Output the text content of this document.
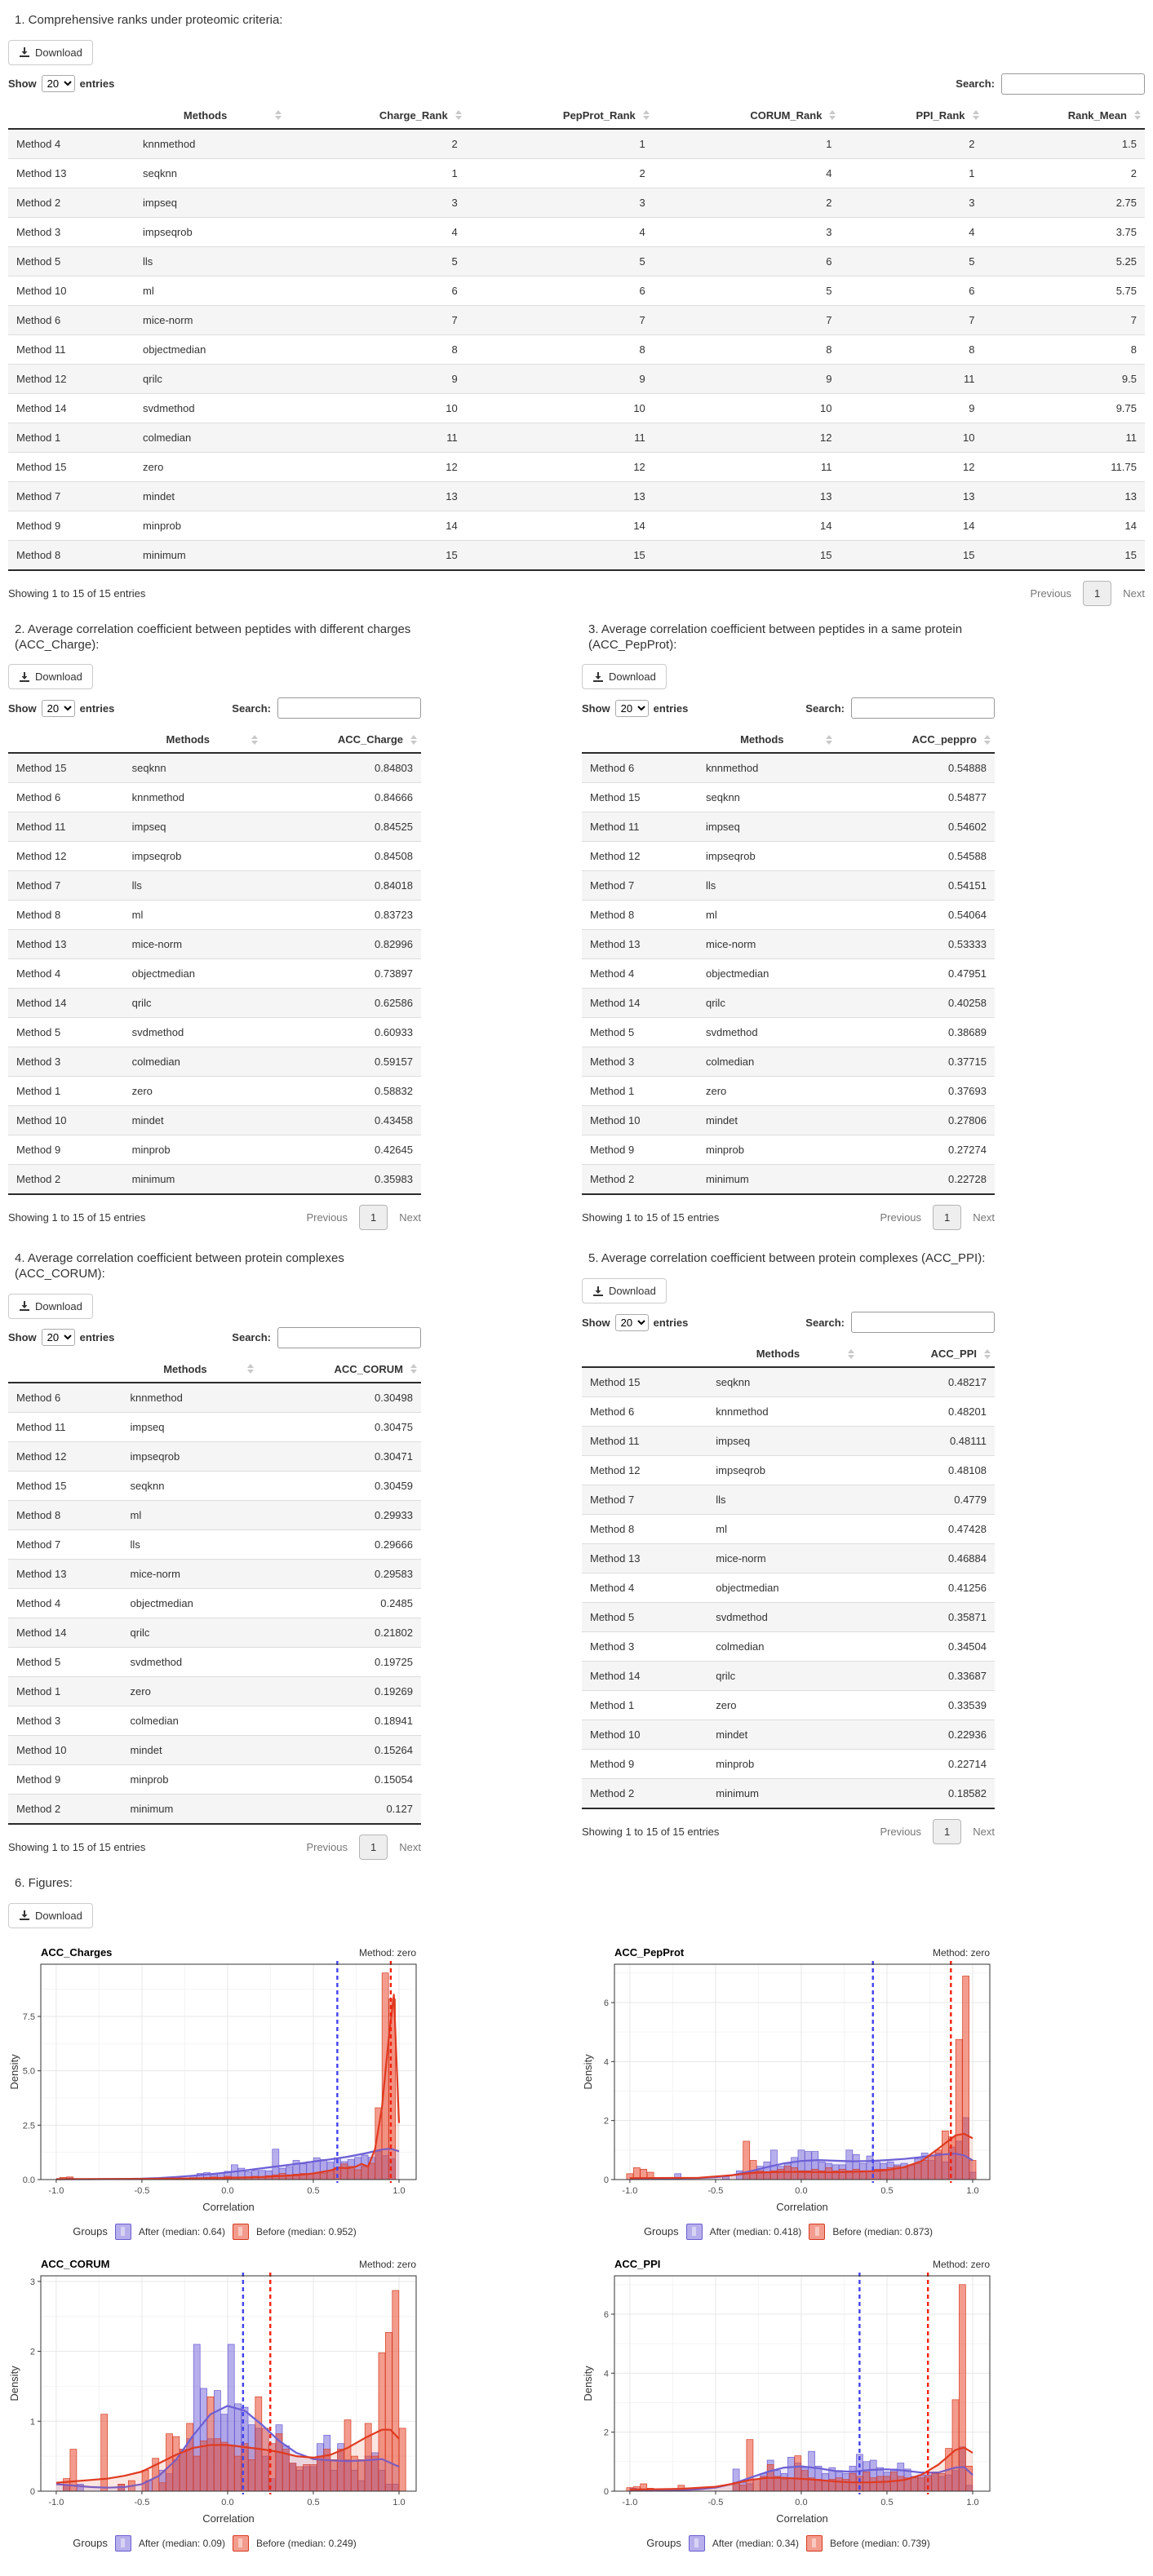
1. Comprehensive ranks under proteomic criteria:
Download
Show
20	entries	Search:
	Methods	Charge_Rank	PepProt_Rank	CORUM_Rank	PPI_Rank	Rank_Mean

Method 4	knnmethod	2	1	1	2	1.5
Method 13	seqknn	1	2	4	1	2
Method 2	impseq	3	3	2	3	2.75
Method 3	impseqrob	4	4	3	4	3.75
Method 5	lls	5	5	6	5	5.25
Method 10	ml	6	6	5	6	5.75
Method 6	mice-norm	7	7	7	7	7
Method 11	objectmedian	8	8	8	8	8
Method 12	qrilc	9	9	9	11	9.5
Method 14	svdmethod	10	10	10	9	9.75
Method 1	colmedian	11	11	12	10	11
Method 15	zero	12	12	11	12	11.75
Method 7	mindet	13	13	13	13	13
Method 9	minprob	14	14	14	14	14
Method 8	minimum	15	15	15	15	15
Showing 1 to 15 of 15 entries	Previous	1	Next
2. Average correlation coefficient between peptides with different charges (ACC_Charge):
Download
Show
20	entries	Search:
	Methods	ACC_Charge

Method 15	seqknn	0.84803
Method 6	knnmethod	0.84666
Method 11	impseq	0.84525
Method 12	impseqrob	0.84508
Method 7	lls	0.84018
Method 8	ml	0.83723
Method 13	mice-norm	0.82996
Method 4	objectmedian	0.73897
Method 14	qrilc	0.62586
Method 5	svdmethod	0.60933
Method 3	colmedian	0.59157
Method 1	zero	0.58832
Method 10	mindet	0.43458
Method 9	minprob	0.42645
Method 2	minimum	0.35983
Showing 1 to 15 of 15 entries	Previous	1	Next
3. Average correlation coefficient between peptides in a same protein (ACC_PepProt):
Download
Show
20	entries	Search:
	Methods	ACC_peppro

Method 6	knnmethod	0.54888
Method 15	seqknn	0.54877
Method 11	impseq	0.54602
Method 12	impseqrob	0.54588
Method 7	lls	0.54151
Method 8	ml	0.54064
Method 13	mice-norm	0.53333
Method 4	objectmedian	0.47951
Method 14	qrilc	0.40258
Method 5	svdmethod	0.38689
Method 3	colmedian	0.37715
Method 1	zero	0.37693
Method 10	mindet	0.27806
Method 9	minprob	0.27274
Method 2	minimum	0.22728
Showing 1 to 15 of 15 entries	Previous	1	Next
4. Average correlation coefficient between protein complexes (ACC_CORUM):
Download
Show
20	entries	Search:
	Methods	ACC_CORUM

Method 6	knnmethod	0.30498
Method 11	impseq	0.30475
Method 12	impseqrob	0.30471
Method 15	seqknn	0.30459
Method 8	ml	0.29933
Method 7	lls	0.29666
Method 13	mice-norm	0.29583
Method 4	objectmedian	0.2485
Method 14	qrilc	0.21802
Method 5	svdmethod	0.19725
Method 1	zero	0.19269
Method 3	colmedian	0.18941
Method 10	mindet	0.15264
Method 9	minprob	0.15054
Method 2	minimum	0.127
Showing 1 to 15 of 15 entries	Previous	1	Next
5. Average correlation coefficient between protein complexes (ACC_PPI):
Download
Show
20	entries	Search:
	Methods	ACC_PPI

Method 15	seqknn	0.48217
Method 6	knnmethod	0.48201
Method 11	impseq	0.48111
Method 12	impseqrob	0.48108
Method 7	lls	0.4779
Method 8	ml	0.47428
Method 13	mice-norm	0.46884
Method 4	objectmedian	0.41256
Method 5	svdmethod	0.35871
Method 3	colmedian	0.34504
Method 14	qrilc	0.33687
Method 1	zero	0.33539
Method 10	mindet	0.22936
Method 9	minprob	0.22714
Method 2	minimum	0.18582
Showing 1 to 15 of 15 entries	Previous	1	Next
6. Figures:
Download
-1.0	-0.5	0.0	0.5	1.0
0.0
2.5
5.0
7.5
Correlation
Density
ACC_Charges	Method: zero
Groups	After (median: 0.64)	Before (median: 0.952)
-1.0	-0.5	0.0	0.5	1.0
0
2
4
6
Correlation
Density
ACC_PepProt	Method: zero
Groups	After (median: 0.418)	Before (median: 0.873)
-1.0	-0.5	0.0	0.5	1.0
0
1
2
3
Correlation
Density
ACC_CORUM	Method: zero
Groups	After (median: 0.09)	Before (median: 0.249)
-1.0	-0.5	0.0	0.5	1.0
0
2
4
6
Correlation
Density
ACC_PPI	Method: zero
Groups	After (median: 0.34)	Before (median: 0.739)
